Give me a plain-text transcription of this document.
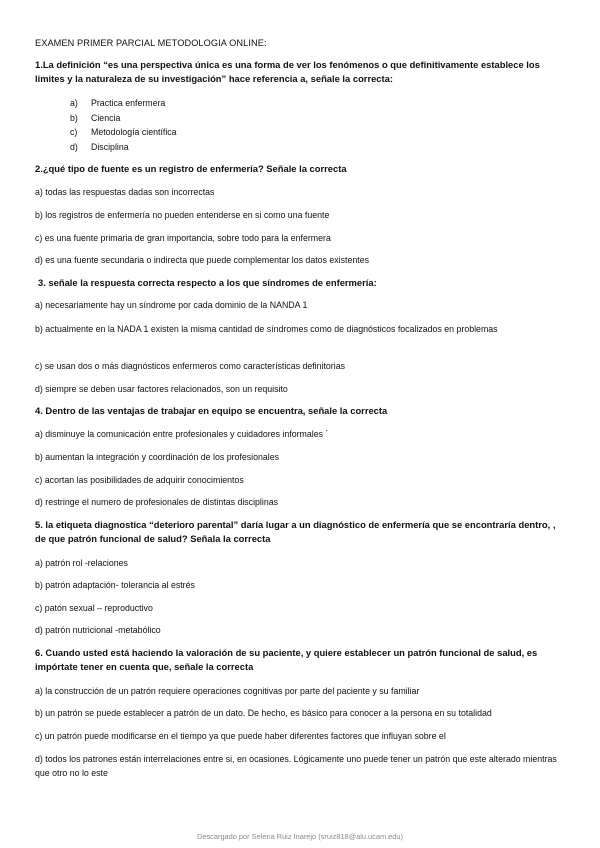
EXAMEN PRIMER PARCIAL METODOLOGIA ONLINE:
1.La definición “es una perspectiva única es una forma de ver los fenómenos o que definitivamente establece los limites y la naturaleza de su investigación” hace referencia a, señale la correcta:
a)	Practica enfermera
b)	Ciencia
c)	Metodología científica
d)	Disciplina
2.¿qué tipo de fuente es un registro de enfermería? Señale la correcta
a) todas las respuestas dadas son incorrectas
b) los registros de enfermería no pueden entenderse en si como una fuente
c) es una fuente primaria de gran importancia, sobre todo para la enfermera
d) es una fuente secundaria o indirecta que puede complementar los datos existentes
3. señale la respuesta correcta respecto a los que síndromes de enfermería:
a) necesariamente hay un síndrome por cada dominio de la NANDA 1
b) actualmente en la NADA 1 existen la misma cantidad de síndromes como de diagnósticos focalizados en problemas
c) se usan dos o más diagnósticos enfermeros como características definitorias
d) siempre se deben usar factores relacionados, son un requisito
4. Dentro de las ventajas de trabajar en equipo se encuentra, señale la correcta
a) disminuye la comunicación entre profesionales y cuidadores informales ´
b) aumentan la integración y coordinación de los profesionales
c) acortan las posibilidades de adquirir conocimientos
d) restringe el numero de profesionales de distintas disciplinas
5. la etiqueta diagnostica “deterioro parental” daría lugar a un diagnóstico de enfermería que se encontraría dentro, , de que patrón funcional de salud? Señala la correcta
a) patrón rol -relaciones
b) patrón adaptación- tolerancia al estrés
c) patón sexual – reproductivo
d) patrón nutricional -metabólico
6. Cuando usted está haciendo la valoración de su paciente, y quiere establecer un patrón funcional de salud, es impórtate tener en cuenta que, señale la correcta
a) la construcción de un patrón requiere operaciones cognitivas por parte del paciente y su familiar
b) un patrón se puede establecer a patrón de un dato. De hecho, es básico para conocer a la persona en su totalidad
c) un patrón puede modificarse en el tiempo ya que puede haber diferentes factores que influyan sobre el
d) todos los patrones están interrelaciones entre si, en ocasiones. Lógicamente uno puede tener un patrón que este alterado mientras que otro no lo este
Descargado por Selena Ruiz Inarejo (sruiz818@alu.ucam.edu)
